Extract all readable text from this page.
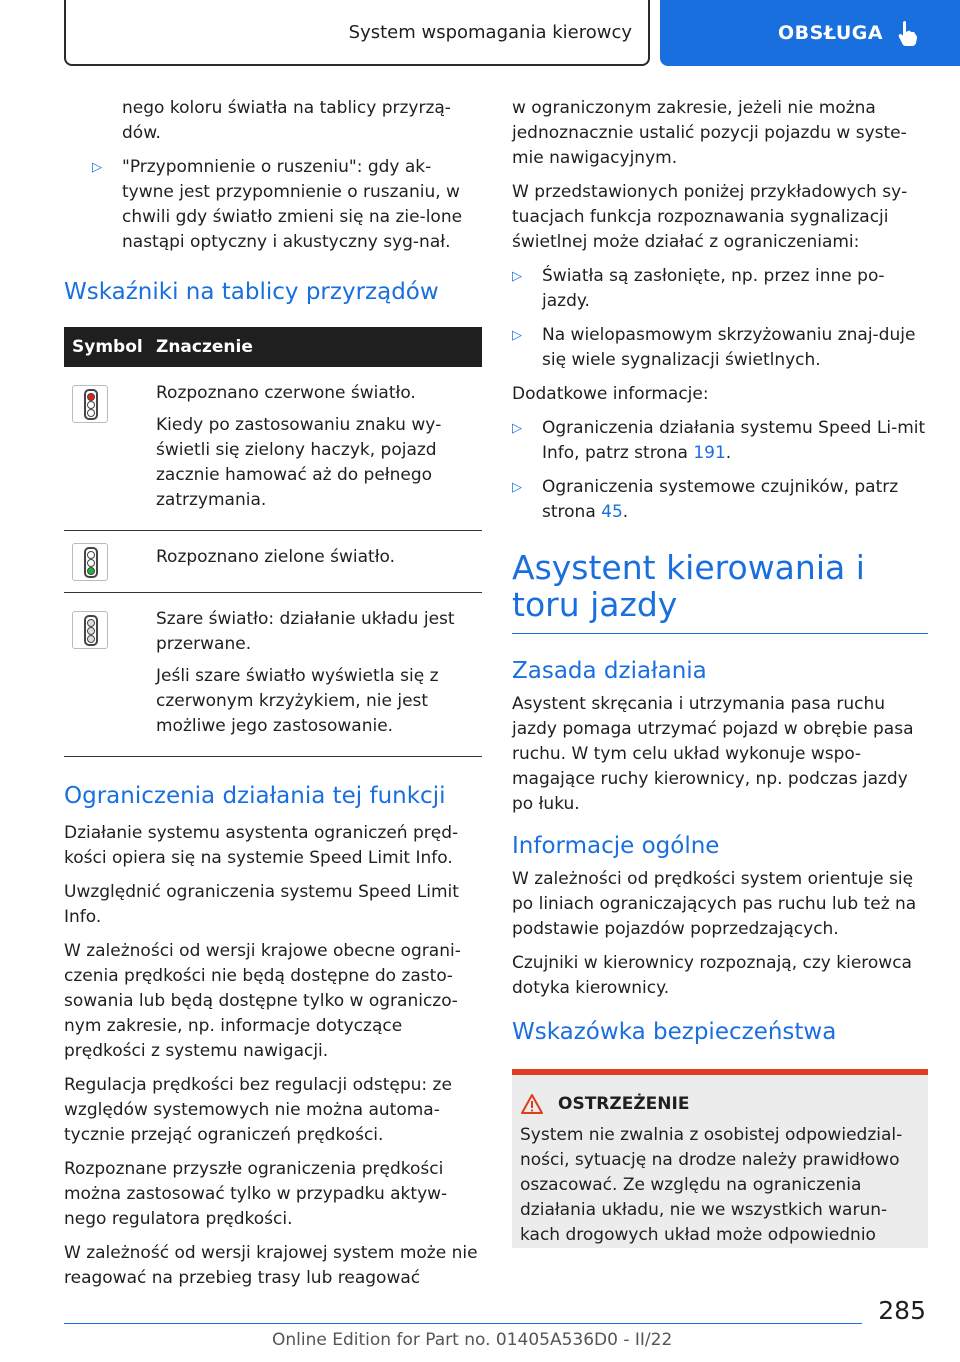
System wspomagania kierowcy	OBSŁUGA

nego koloru światła na tablicy przyrzą‐dów.

▷	"Przypomnienie o ruszeniu": gdy ak‐tywne jest przypomnienie o ruszaniu, w chwili gdy światło zmieni się na zie‐lone nastąpi optyczny i akustyczny syg‐nał.
Wskaźniki na tablicy przyrządów
Symbol	Znaczenie

	Rozpoznano czerwone światło.

Kiedy po zastosowaniu znaku wy‐świetli się zielony haczyk, pojazd zacznie hamować aż do pełnego zatrzymania.

	Rozpoznano zielone światło.

	Szare światło: działanie układu jest przerwane.

Jeśli szare światło wyświetla się z czerwonym krzyżykiem, nie jest możliwe jego zastosowanie.

Ograniczenia działania tej funkcji

Działanie systemu asystenta ograniczeń pręd‐kości opiera się na systemie Speed Limit Info.

Uwzględnić ograniczenia systemu Speed Limit Info.

W zależności od wersji krajowe obecne ograni‐czenia prędkości nie będą dostępne do zasto‐sowania lub będą dostępne tylko w ograniczo‐nym zakresie, np. informacje dotyczące prędkości z systemu nawigacji.

Regulacja prędkości bez regulacji odstępu: ze względów systemowych nie można automa‐tycznie przejąć ograniczeń prędkości.

Rozpoznane przyszłe ograniczenia prędkości można zastosować tylko w przypadku aktyw‐nego regulatora prędkości.

W zależność od wersji krajowej system może nie reagować na przebieg trasy lub reagować

w ograniczonym zakresie, jeżeli nie można jednoznacznie ustalić pozycji pojazdu w syste‐mie nawigacyjnym.

W przedstawionych poniżej przykładowych sy‐tuacjach funkcja rozpoznawania sygnalizacji świetlnej może działać z ograniczeniami:

▷	Światła są zasłonięte, np. przez inne po‐jazdy.
▷	Na wielopasmowym skrzyżowaniu znaj‐duje się wiele sygnalizacji świetlnych.

Dodatkowe informacje:

▷	Ograniczenia działania systemu Speed Li‐mit Info, patrz strona 191.
▷	Ograniczenia systemowe czujników, patrz strona 45.
Asystent kierowania i toru jazdy
Zasada działania

Asystent skręcania i utrzymania pasa ruchu jazdy pomaga utrzymać pojazd w obrębie pasa ruchu. W tym celu układ wykonuje wspo‐magające ruchy kierownicy, np. podczas jazdy po łuku.

Informacje ogólne

W zależności od prędkości system orientuje się po liniach ograniczających pas ruchu lub też na podstawie pojazdów poprzedzających.

Czujniki w kierownicy rozpoznają, czy kierowca dotyka kierownicy.

Wskazówka bezpieczeństwa
OSTRZEŻENIE

System nie zwalnia z osobistej odpowiedzial‐ności, sytuację na drodze należy prawidłowo oszacować. Ze względu na ograniczenia działania układu, nie we wszystkich warun‐kach drogowych układ może odpowiednio

285
Online Edition for Part no. 01405A536D0 - II/22
